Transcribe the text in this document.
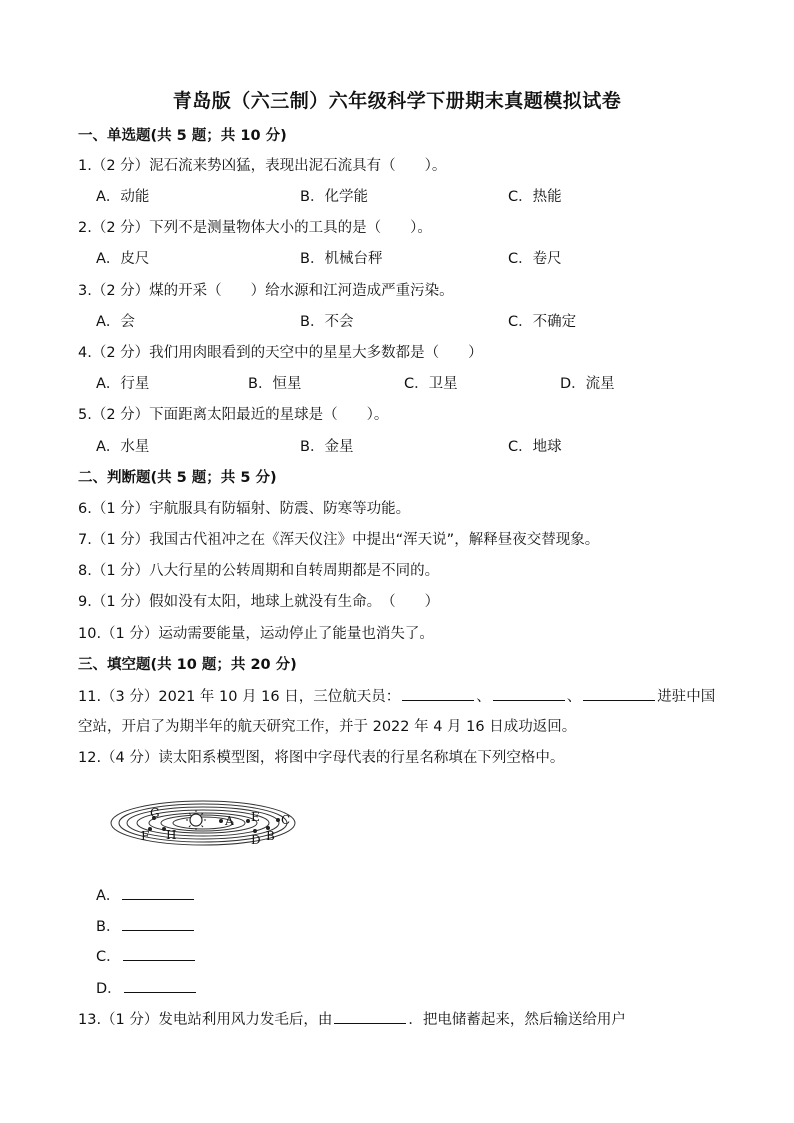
青岛版（六三制）六年级科学下册期末真题模拟试卷
一、单选题(共 5 题；共 10 分)
1.（2 分）泥石流来势凶猛，表现出泥石流具有（　　）。
A．动能	B．化学能	C．热能
2.（2 分）下列不是测量物体大小的工具的是（　　）。
A．皮尺	B．机械台秤	C．卷尺
3.（2 分）煤的开采（　　）给水源和江河造成严重污染。
A．会	B．不会	C．不确定
4.（2 分）我们用肉眼看到的天空中的星星大多数都是（　　）
A．行星	B．恒星	C．卫星	D．流星
5.（2 分）下面距离太阳最近的星球是（　　）。
A．水星	B．金星	C．地球
二、判断题(共 5 题；共 5 分)
6.（1 分）宇航服具有防辐射、防震、防寒等功能。
7.（1 分）我国古代祖冲之在《浑天仪注》中提出“浑天说”，解释昼夜交替现象。
8.（1 分）八大行星的公转周期和自转周期都是不同的。
9.（1 分）假如没有太阳，地球上就没有生命。　（　　）
10.（1 分）运动需要能量，运动停止了能量也消失了。
三、填空题(共 10 题；共 20 分)
11.（3 分）2021 年 10 月 16 日，三位航天员：	、	、	进驻中国
空站，开启了为期半年的航天研究工作，并于 2022 年 4 月 16 日成功返回。
12.（4 分）读太阳系模型图，将图中字母代表的行星名称填在下列空格中。
A
B
C
D
E
F H
G
A．
B．
C．
D．
13.（1 分）发电站利用风力发毛后，由	．把电储蓄起来，然后输送给用户
